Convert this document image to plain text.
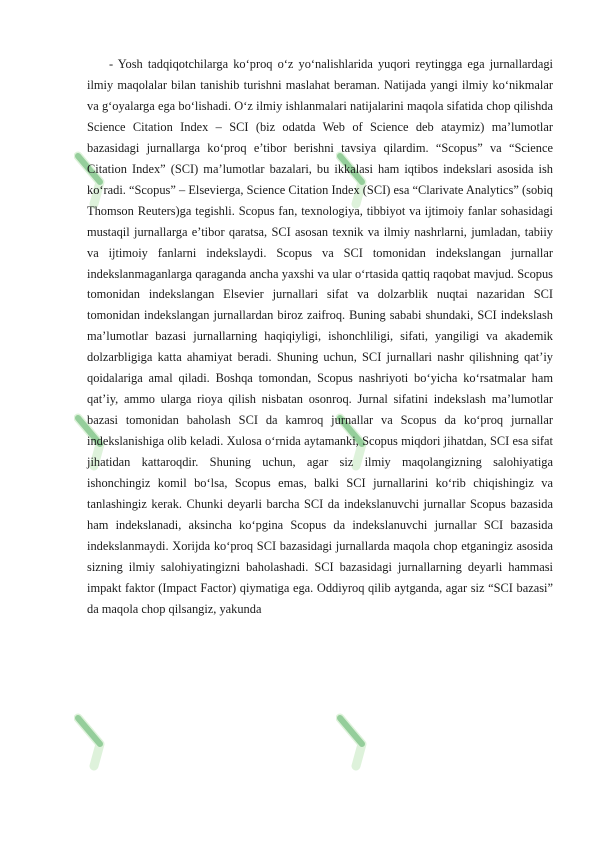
- Yosh tadqiqotchilarga koʻproq oʻz yoʻnalishlarida yuqori reytingga ega jurnallardagi ilmiy maqolalar bilan tanishib turishni maslahat beraman. Natijada yangi ilmiy koʻnikmalar va gʻoyalarga ega boʻlishadi. Oʻz ilmiy ishlanmalari natijalarini maqola sifatida chop qilishda Science Citation Index – SCI (biz odatda Web of Science deb ataymiz) ma’lumotlar bazasidagi jurnallarga koʻproq e’tibor berishni tavsiya qilardim. “Scopus” va “Science Citation Index” (SCI) ma’lumotlar bazalari, bu ikkalasi ham iqtibos indekslari asosida ish koʻradi. “Scopus” – Elsevierga, Science Citation Index (SCI) esa “Clarivate Analytics” (sobiq Thomson Reuters)ga tegishli. Scopus fan, texnologiya, tibbiyot va ijtimoiy fanlar sohasidagi mustaqil jurnallarga e’tibor qaratsa, SCI asosan texnik va ilmiy nashrlarni, jumladan, tabiiy va ijtimoiy fanlarni indekslaydi. Scopus va SCI tomonidan indekslangan jurnallar indekslanmaganlarga qaraganda ancha yaxshi va ular oʻrtasida qattiq raqobat mavjud. Scopus tomonidan indekslangan Elsevier jurnallari sifat va dolzarblik nuqtai nazaridan SCI tomonidan indekslangan jurnallardan biroz zaifroq. Buning sababi shundaki, SCI indekslash ma’lumotlar bazasi jurnallarning haqiqiyligi, ishonchliligi, sifati, yangiligi va akademik dolzarbligiga katta ahamiyat beradi. Shuning uchun, SCI jurnallari nashr qilishning qat’iy qoidalariga amal qiladi. Boshqa tomondan, Scopus nashriyoti boʻyicha koʻrsatmalar ham qat’iy, ammo ularga rioya qilish nisbatan osonroq. Jurnal sifatini indekslash ma’lumotlar bazasi tomonidan baholash SCI da kamroq jurnallar va Scopus da koʻproq jurnallar indekslanishiga olib keladi. Xulosa oʻrnida aytamanki, Scopus miqdori jihatdan, SCI esa sifat jihatidan kattaroqdir. Shuning uchun, agar siz ilmiy maqolangizning salohiyatiga ishonchingiz komil boʻlsa, Scopus emas, balki SCI jurnallarini koʻrib chiqishingiz va tanlashingiz kerak. Chunki deyarli barcha SCI da indekslanuvchi jurnallar Scopus bazasida ham indekslanadi, aksincha koʻpgina Scopus da indekslanuvchi jurnallar SCI bazasida indekslanmaydi. Xorijda koʻproq SCI bazasidagi jurnallarda maqola chop etganingiz asosida sizning ilmiy salohiyatingizni baholashadi. SCI bazasidagi jurnallarning deyarli hammasi impakt faktor (Impact Factor) qiymatiga ega. Oddiyroq qilib aytganda, agar siz “SCI bazasi” da maqola chop qilsangiz, yakunda
